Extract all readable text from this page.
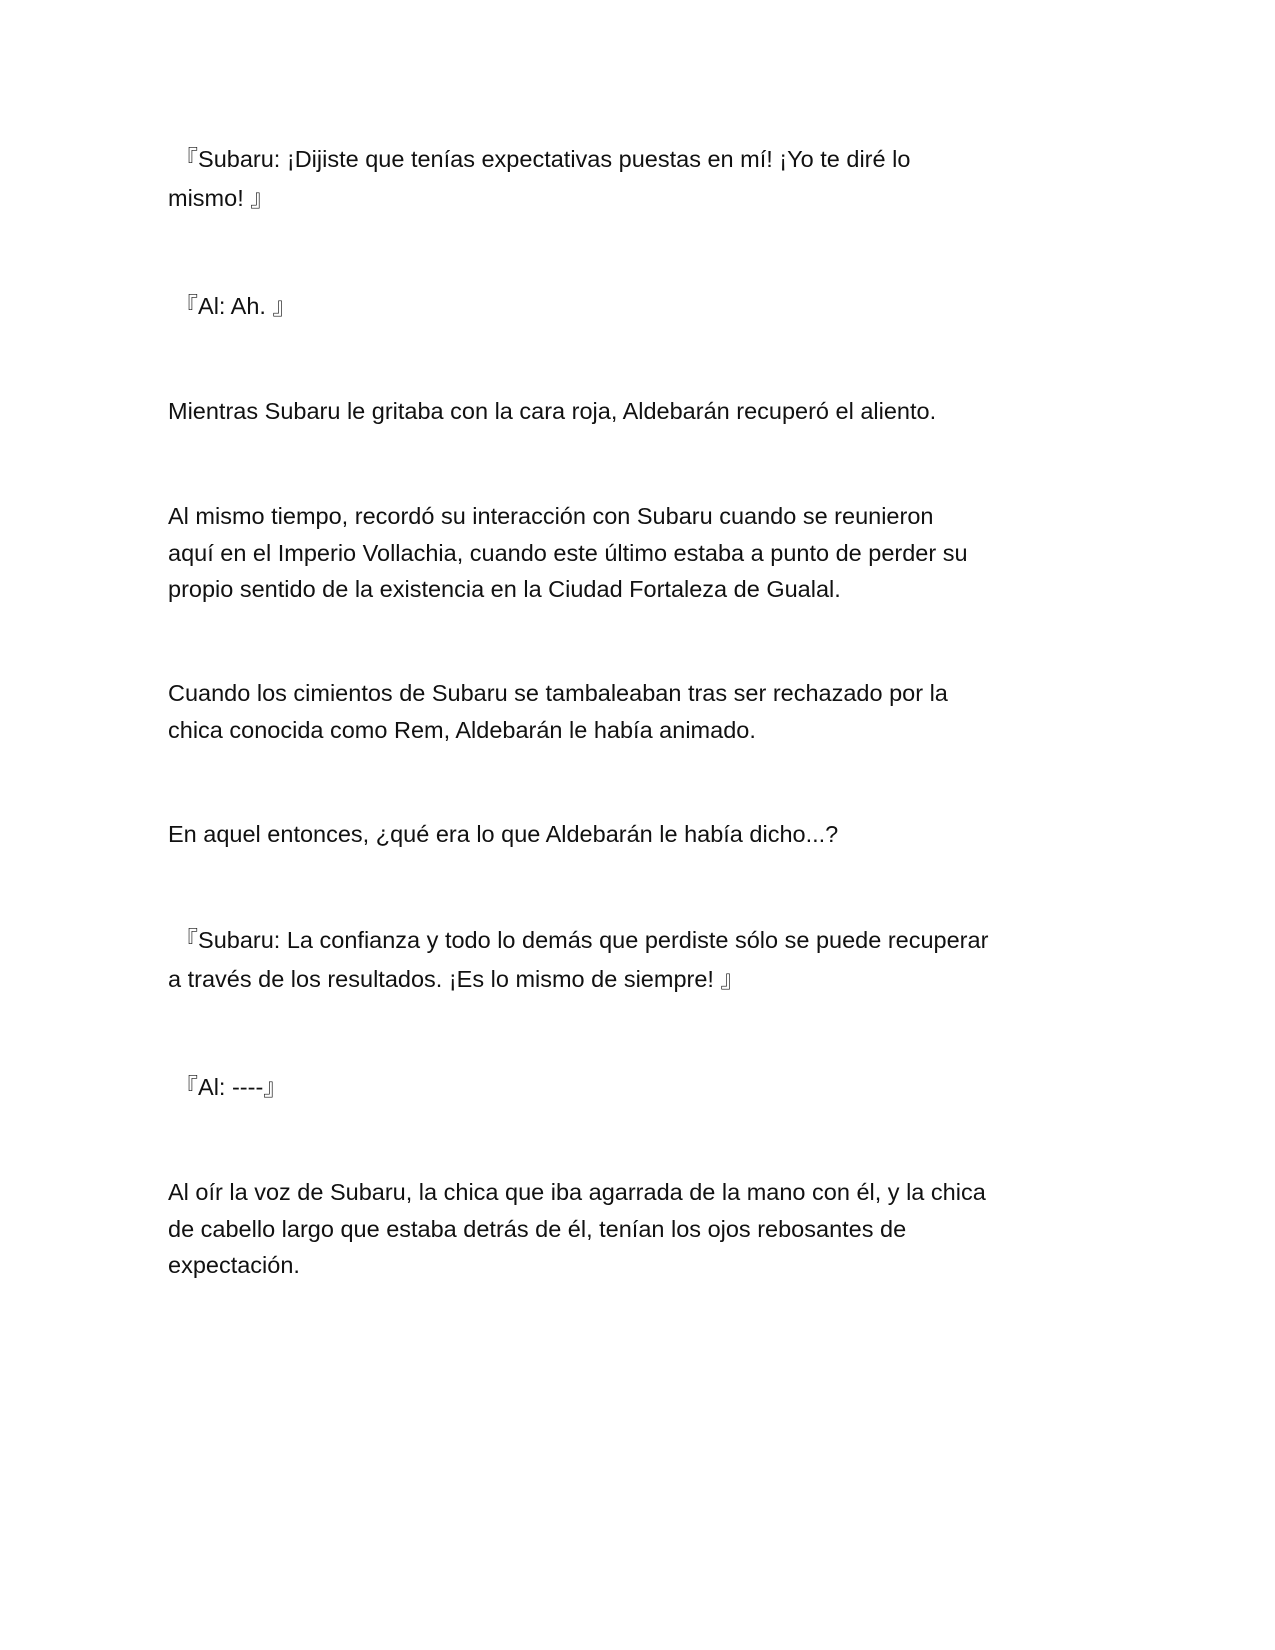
『Subaru: ¡Dijiste que tenías expectativas puestas en mí! ¡Yo te diré lo
mismo! 』

『Al: Ah. 』

Mientras Subaru le gritaba con la cara roja, Aldebarán recuperó el aliento.

Al mismo tiempo, recordó su interacción con Subaru cuando se reunieron
aquí en el Imperio Vollachia, cuando este último estaba a punto de perder su
propio sentido de la existencia en la Ciudad Fortaleza de Gualal.

Cuando los cimientos de Subaru se tambaleaban tras ser rechazado por la
chica conocida como Rem, Aldebarán le había animado.

En aquel entonces, ¿qué era lo que Aldebarán le había dicho...?

『Subaru: La confianza y todo lo demás que perdiste sólo se puede recuperar
a través de los resultados. ¡Es lo mismo de siempre! 』

『Al: ----』

Al oír la voz de Subaru, la chica que iba agarrada de la mano con él, y la chica
de cabello largo que estaba detrás de él, tenían los ojos rebosantes de
expectación.
